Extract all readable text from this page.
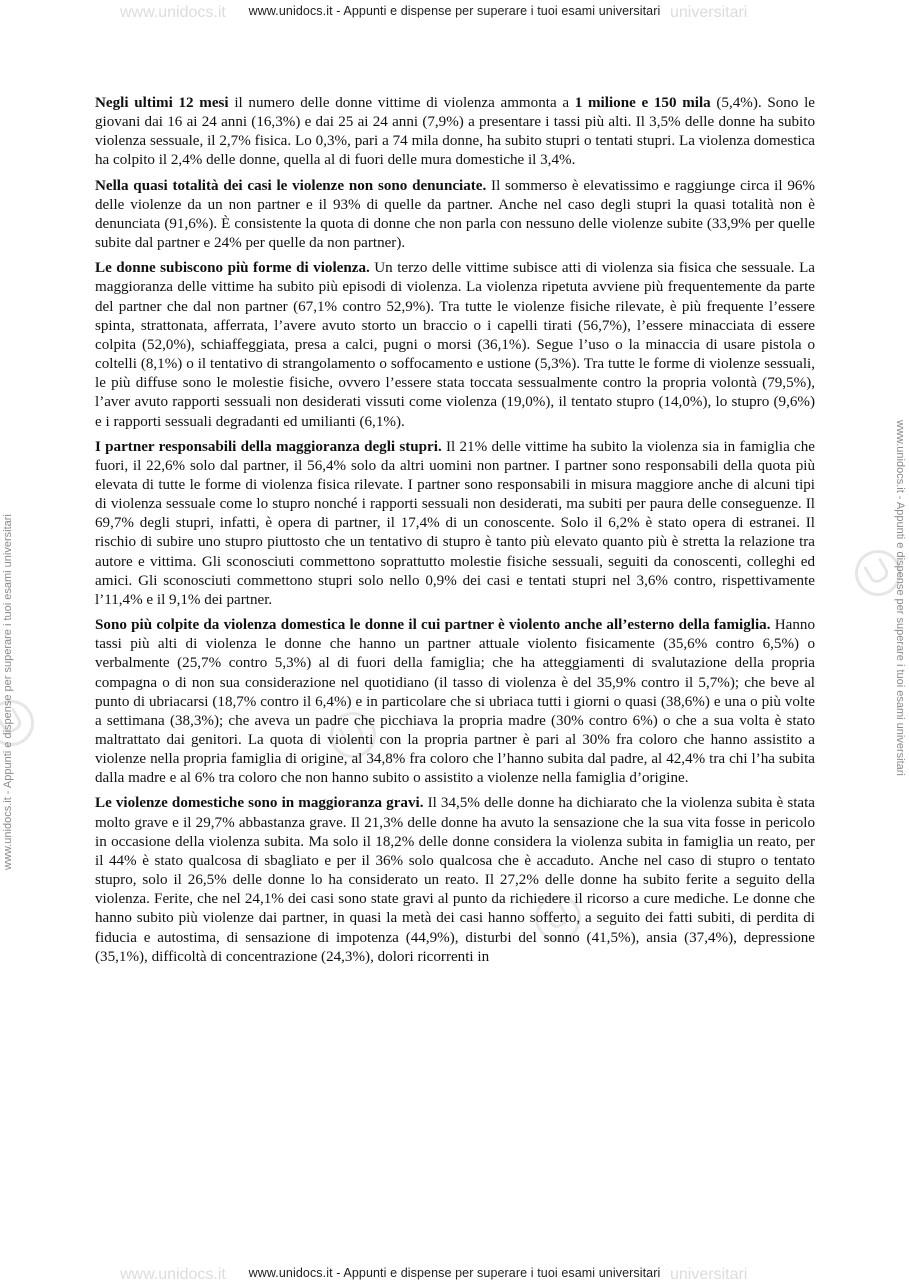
www.unidocs.it	universitari
www.unidocs.it	universitari
www.unidocs.it - Appunti e dispense per superare i tuoi esami universitari
www.unidocs.it - Appunti e dispense per superare i tuoi esami universitari	www.unidocs.it - Appunti e dispense per superare i tuoi esami universitari

Negli ultimi 12 mesi il numero delle donne vittime di violenza ammonta a 1 milione e 150 mila (5,4%). Sono le giovani dai 16 ai 24 anni (16,3%) e dai 25 ai 24 anni (7,9%) a presentare i tassi più alti. Il 3,5% delle donne ha subito violenza sessuale, il 2,7% fisica. Lo 0,3%, pari a 74 mila donne, ha subito stupri o tentati stupri. La violenza domestica ha colpito il 2,4% delle donne, quella al di fuori delle mura domestiche il 3,4%.

Nella quasi totalità dei casi le violenze non sono denunciate. Il sommerso è elevatissimo e raggiunge circa il 96% delle violenze da un non partner e il 93% di quelle da partner. Anche nel caso degli stupri la quasi totalità non è denunciata (91,6%). È consistente la quota di donne che non parla con nessuno delle violenze subite (33,9% per quelle subite dal partner e 24% per quelle da non partner).

Le donne subiscono più forme di violenza. Un terzo delle vittime subisce atti di violenza sia fisica che sessuale. La maggioranza delle vittime ha subito più episodi di violenza. La violenza ripetuta avviene più frequentemente da parte del partner che dal non partner (67,1% contro 52,9%). Tra tutte le violenze fisiche rilevate, è più frequente l’essere spinta, strattonata, afferrata, l’avere avuto storto un braccio o i capelli tirati (56,7%), l’essere minacciata di essere colpita (52,0%), schiaffeggiata, presa a calci, pugni o morsi (36,1%). Segue l’uso o la minaccia di usare pistola o coltelli (8,1%) o il tentativo di strangolamento o soffocamento e ustione (5,3%). Tra tutte le forme di violenze sessuali, le più diffuse sono le molestie fisiche, ovvero l’essere stata toccata sessualmente contro la propria volontà (79,5%), l’aver avuto rapporti sessuali non desiderati vissuti come violenza (19,0%), il tentato stupro (14,0%), lo stupro (9,6%) e i rapporti sessuali degradanti ed umilianti (6,1%).

I partner responsabili della maggioranza degli stupri. Il 21% delle vittime ha subito la violenza sia in famiglia che fuori, il 22,6% solo dal partner, il 56,4% solo da altri uomini non partner. I partner sono responsabili della quota più elevata di tutte le forme di violenza fisica rilevate. I partner sono responsabili in misura maggiore anche di alcuni tipi di violenza sessuale come lo stupro nonché i rapporti sessuali non desiderati, ma subiti per paura delle conseguenze. Il 69,7% degli stupri, infatti, è opera di partner, il 17,4% di un conoscente. Solo il 6,2% è stato opera di estranei. Il rischio di subire uno stupro piuttosto che un tentativo di stupro è tanto più elevato quanto più è stretta la relazione tra autore e vittima. Gli sconosciuti commettono soprattutto molestie fisiche sessuali, seguiti da conoscenti, colleghi ed amici. Gli sconosciuti commettono stupri solo nello 0,9% dei casi e tentati stupri nel 3,6% contro, rispettivamente l’11,4% e il 9,1% dei partner.

Sono più colpite da violenza domestica le donne il cui partner è violento anche all’esterno della famiglia. Hanno tassi più alti di violenza le donne che hanno un partner attuale violento fisicamente (35,6% contro 6,5%) o verbalmente (25,7% contro 5,3%) al di fuori della famiglia; che ha atteggiamenti di svalutazione della propria compagna o di non sua considerazione nel quotidiano (il tasso di violenza è del 35,9% contro il 5,7%); che beve al punto di ubriacarsi (18,7% contro il 6,4%) e in particolare che si ubriaca tutti i giorni o quasi (38,6%) e una o più volte a settimana (38,3%); che aveva un padre che picchiava la propria madre (30% contro 6%) o che a sua volta è stato maltrattato dai genitori. La quota di violenti con la propria partner è pari al 30% fra coloro che hanno assistito a violenze nella propria famiglia di origine, al 34,8% fra coloro che l’hanno subita dal padre, al 42,4% tra chi l’ha subita dalla madre e al 6% tra coloro che non hanno subito o assistito a violenze nella famiglia d’origine.

Le violenze domestiche sono in maggioranza gravi. Il 34,5% delle donne ha dichiarato che la violenza subita è stata molto grave e il 29,7% abbastanza grave. Il 21,3% delle donne ha avuto la sensazione che la sua vita fosse in pericolo in occasione della violenza subita. Ma solo il 18,2% delle donne considera la violenza subita in famiglia un reato, per il 44% è stato qualcosa di sbagliato e per il 36% solo qualcosa che è accaduto. Anche nel caso di stupro o tentato stupro, solo il 26,5% delle donne lo ha considerato un reato. Il 27,2% delle donne ha subito ferite a seguito della violenza. Ferite, che nel 24,1% dei casi sono state gravi al punto da richiedere il ricorso a cure mediche. Le donne che hanno subito più violenze dai partner, in quasi la metà dei casi hanno sofferto, a seguito dei fatti subiti, di perdita di fiducia e autostima, di sensazione di impotenza (44,9%), disturbi del sonno (41,5%), ansia (37,4%), depressione (35,1%), difficoltà di concentrazione (24,3%), dolori ricorrenti in

www.unidocs.it - Appunti e dispense per superare i tuoi esami universitari
